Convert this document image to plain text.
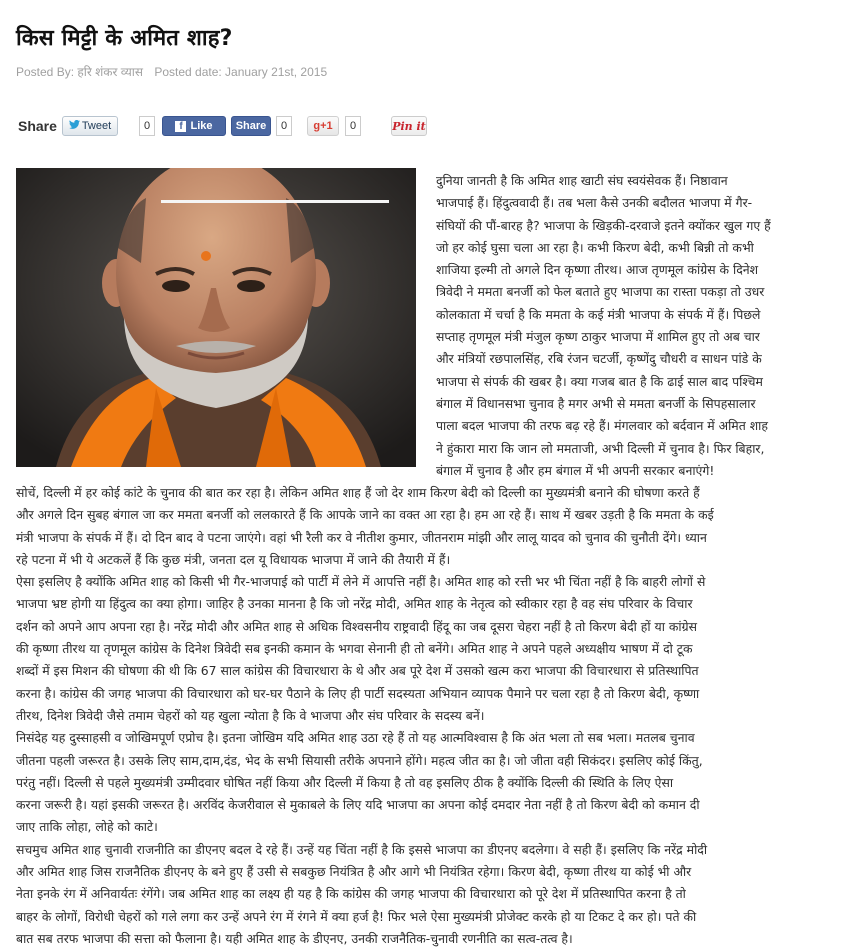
किस मिट्टी के अमित शाह?
Posted By: हरि शंकर व्यास Posted date: January 21st, 2015
Share Tweet	0	f Like	Share	0	g+1	0	Pin it

दुनिया जानती है कि अमित शाह खाटी संघ स्वयंसेवक हैं। निष्ठावान
भाजपाई हैं। हिंदुत्ववादी हैं। तब भला कैसे उनकी बदौलत भाजपा में गैर-
संघियों की पौं-बारह है? भाजपा के खिड़की-दरवाजे इतने क्योंकर खुल गए हैं
जो हर कोई घुसा चला आ रहा है। कभी किरण बेदी, कभी बिन्नी तो कभी
शाजिया इल्मी तो अगले दिन कृष्णा तीरथ। आज तृणमूल कांग्रेस के दिनेश
त्रिवेदी ने ममता बनर्जी को फेल बताते हुए भाजपा का रास्ता पकड़ा तो उधर
कोलकाता में चर्चा है कि ममता के कई मंत्री भाजपा के संपर्क में हैं। पिछले
सप्ताह तृणमूल मंत्री मंजुल कृष्ण ठाकुर भाजपा में शामिल हुए तो अब चार
और मंत्रियों रछपालसिंह, रबि रंजन चटर्जी, कृष्णेंदु चौधरी व साधन पांडे के
भाजपा से संपर्क की खबर है। क्या गजब बात है कि ढाई साल बाद पश्चिम
बंगाल में विधानसभा चुनाव है मगर अभी से ममता बनर्जी के सिपहसालार
पाला बदल भाजपा की तरफ बढ़ रहे हैं। मंगलवार को बर्दवान में अमित शाह
ने हुंकारा मारा कि जान लो ममताजी, अभी दिल्ली में चुनाव है। फिर बिहार,
बंगाल में चुनाव है और हम बंगाल में भी अपनी सरकार बनाएंगे!

सोचें, दिल्ली में हर कोई कांटे के चुनाव की बात कर रहा है। लेकिन अमित शाह हैं जो देर शाम किरण बेदी को दिल्ली का मुख्यमंत्री बनाने की घोषणा करते हैं
और अगले दिन सुबह बंगाल जा कर ममता बनर्जी को ललकारते हैं कि आपके जाने का वक्त आ रहा है। हम आ रहे हैं। साथ में खबर उड़ती है कि ममता के कई
मंत्री भाजपा के संपर्क में हैं। दो दिन बाद वे पटना जाएंगे। वहां भी रैली कर वे नीतीश कुमार, जीतनराम मांझी और लालू यादव को चुनाव की चुनौती देंगे। ध्यान
रहे पटना में भी ये अटकलें हैं कि कुछ मंत्री, जनता दल यू विधायक भाजपा में जाने की तैयारी में हैं।
ऐसा इसलिए है क्योंकि अमित शाह को किसी भी गैर-भाजपाई को पार्टी में लेने में आपत्ति नहीं है। अमित शाह को रत्ती भर भी चिंता नहीं है कि बाहरी लोगों से
भाजपा भ्रष्ट होगी या हिंदुत्व का क्या होगा। जाहिर है उनका मानना है कि जो नरेंद्र मोदी, अमित शाह के नेतृत्व को स्वीकार रहा है वह संघ परिवार के विचार
दर्शन को अपने आप अपना रहा है। नरेंद्र मोदी और अमित शाह से अधिक विश्वसनीय राष्ट्रवादी हिंदू का जब दूसरा चेहरा नहीं है तो किरण बेदी हों या कांग्रेस
की कृष्णा तीरथ या तृणमूल कांग्रेस के दिनेश त्रिवेदी सब इनकी कमान के भगवा सेनानी ही तो बनेंगे। अमित शाह ने अपने पहले अध्यक्षीय भाषण में दो टूक
शब्दों में इस मिशन की घोषणा की थी कि 67 साल कांग्रेस की विचारधारा के थे और अब पूरे देश में उसको खत्म करा भाजपा की विचारधारा से प्रतिस्थापित
करना है। कांग्रेस की जगह भाजपा की विचारधारा को घर-घर पैठाने के लिए ही पार्टी सदस्यता अभियान व्यापक पैमाने पर चला रहा है तो किरण बेदी, कृष्णा
तीरथ, दिनेश त्रिवेदी जैसे तमाम चेहरों को यह खुला न्योता है कि वे भाजपा और संघ परिवार के सदस्य बनें।
निसंदेह यह दुस्साहसी व जोखिमपूर्ण एप्रोच है। इतना जोखिम यदि अमित शाह उठा रहे हैं तो यह आत्मविश्वास है कि अंत भला तो सब भला। मतलब चुनाव
जीतना पहली जरूरत है। उसके लिए साम,दाम,दंड, भेद के सभी सियासी तरीके अपनाने होंगे। महत्व जीत का है। जो जीता वही सिकंदर। इसलिए कोई किंतु,
परंतु नहीं। दिल्ली से पहले मुख्यमंत्री उम्मीदवार घोषित नहीं किया और दिल्ली में किया है तो वह इसलिए ठीक है क्योंकि दिल्ली की स्थिति के लिए ऐसा
करना जरूरी है। यहां इसकी जरूरत है। अरविंद केजरीवाल से मुकाबले के लिए यदि भाजपा का अपना कोई दमदार नेता नहीं है तो किरण बेदी को कमान दी
जाए ताकि लोहा, लोहे को काटे।
सचमुच अमित शाह चुनावी राजनीति का डीएनए बदल दे रहे हैं। उन्हें यह चिंता नहीं है कि इससे भाजपा का डीएनए बदलेगा। वे सही हैं। इसलिए कि नरेंद्र मोदी
और अमित शाह जिस राजनैतिक डीएनए के बने हुए हैं उसी से सबकुछ नियंत्रित है और आगे भी नियंत्रित रहेगा। किरण बेदी, कृष्णा तीरथ या कोई भी और
नेता इनके रंग में अनिवार्यतः रंगेंगे। जब अमित शाह का लक्ष्य ही यह है कि कांग्रेस की जगह भाजपा की विचारधारा को पूरे देश में प्रतिस्थापित करना है तो
बाहर के लोगों, विरोधी चेहरों को गले लगा कर उन्हें अपने रंग में रंगने में क्या हर्ज है! फिर भले ऐसा मुख्यमंत्री प्रोजेक्ट करके हो या टिकट दे कर हो। पते की
बात सब तरफ भाजपा की सत्ता को फैलाना है। यही अमित शाह के डीएनए, उनकी राजनैतिक-चुनावी रणनीति का सत्व-तत्व है।
